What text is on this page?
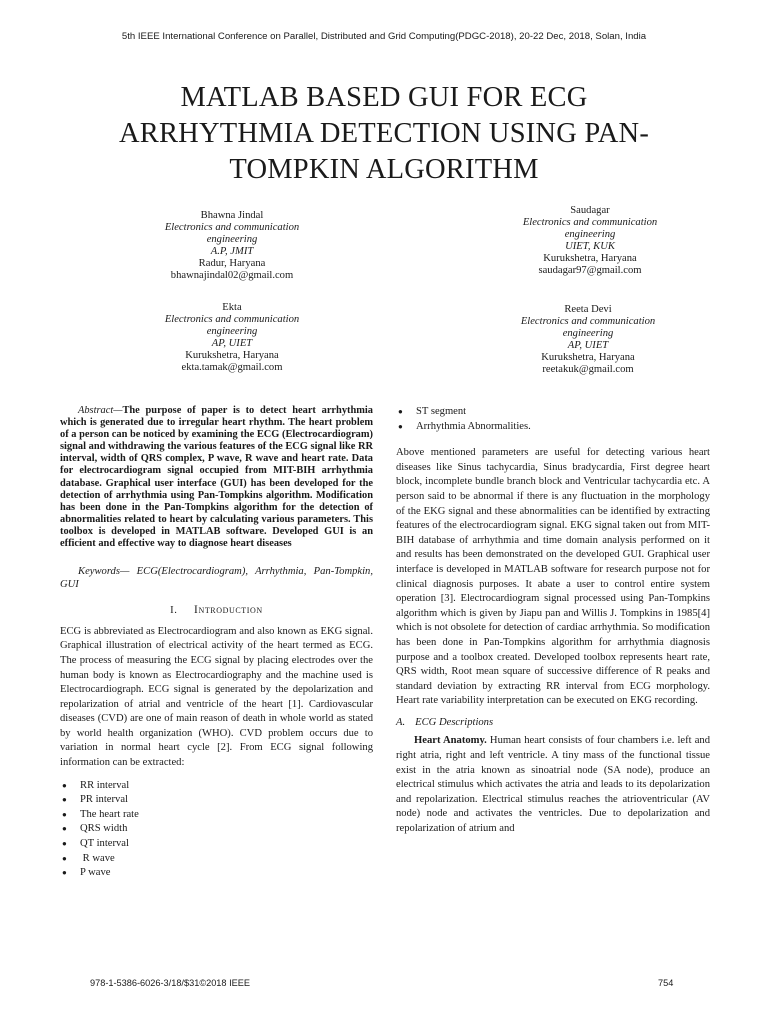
5th IEEE International Conference on Parallel, Distributed and Grid Computing(PDGC-2018), 20-22 Dec, 2018, Solan, India
MATLAB BASED GUI FOR ECG
ARRHYTHMIA DETECTION USING PAN-
TOMPKIN ALGORITHM
Bhawna Jindal
Electronics and communication
engineering
A.P, JMIT
Radur, Haryana
bhawnajindal02@gmail.com
Saudagar
Electronics and communication
engineering
UIET, KUK
Kurukshetra, Haryana
saudagar97@gmail.com
Ekta
Electronics and communication
engineering
AP, UIET
Kurukshetra, Haryana
ekta.tamak@gmail.com
Reeta Devi
Electronics and communication
engineering
AP, UIET
Kurukshetra, Haryana
reetakuk@gmail.com

Abstract—The purpose of paper is to detect heart arrhythmia which is generated due to irregular heart rhythm. The heart problem of a person can be noticed by examining the ECG (Electrocardiogram) signal and withdrawing the various features of the ECG signal like RR interval, width of QRS complex, P wave, R wave and heart rate. Data for electrocardiogram signal occupied from MIT-BIH arrhythmia database. Graphical user interface (GUI) has been developed for the detection of arrhythmia using Pan-Tompkins algorithm. Modification has been done in the Pan-Tompkins algorithm for the detection of abnormalities related to heart by calculating various parameters. This toolbox is developed in MATLAB software. Developed GUI is an efficient and effective way to diagnose heart diseases

Keywords— ECG(Electrocardiogram), Arrhythmia, Pan-Tompkin, GUI

I. Introduction

ECG is abbreviated as Electrocardiogram and also known as EKG signal. Graphical illustration of electrical activity of the heart termed as ECG. The process of measuring the ECG signal by placing electrodes over the human body is known as Electrocardiography and the machine used is Electrocardiograph. ECG signal is generated by the depolarization and repolarization of atrial and ventricle of the heart [1]. Cardiovascular diseases (CVD) are one of main reason of death in whole world as stated by world health organization (WHO). CVD problem occurs due to variation in normal heart cycle [2]. From ECG signal following information can be extracted:

● RR interval
● PR interval
● The heart rate
● QRS width
● QT interval
●  R wave
● P wave
● ST segment
● Arrhythmia Abnormalities.

Above mentioned parameters are useful for detecting various heart diseases like Sinus tachycardia, Sinus bradycardia, First degree heart block, incomplete bundle branch block and Ventricular tachycardia etc. A person said to be abnormal if there is any fluctuation in the morphology of the EKG signal and these abnormalities can be identified by extracting features of the electrocardiogram signal. EKG signal taken out from MIT-BIH database of arrhythmia and time domain analysis performed on it and results has been demonstrated on the developed GUI. Graphical user interface is developed in MATLAB software for research purpose not for clinical diagnosis purposes. It abate a user to control entire system operation [3]. Electrocardiogram signal processed using Pan-Tompkins algorithm which is given by Jiapu pan and Willis J. Tompkins in 1985[4] which is not obsolete for detection of cardiac arrhythmia. So modification has been done in Pan-Tompkins algorithm for arrhythmia diagnosis purpose and a toolbox created. Developed toolbox represents heart rate, QRS width, Root mean square of successive difference of R peaks and standard deviation by extracting RR interval from ECG morphology. Heart rate variability interpretation can be executed on EKG recording.

A. ECG Descriptions

Heart Anatomy. Human heart consists of four chambers i.e. left and right atria, right and left ventricle. A tiny mass of the functional tissue exist in the atria known as sinoatrial node (SA node), produce an electrical stimulus which activates the atria and leads to its depolarization and repolarization. Electrical stimulus reaches the atrioventricular (AV node) node and activates the ventricles. Due to depolarization and repolarization of atrium and

978-1-5386-6026-3/18/$31©2018 IEEE	754
